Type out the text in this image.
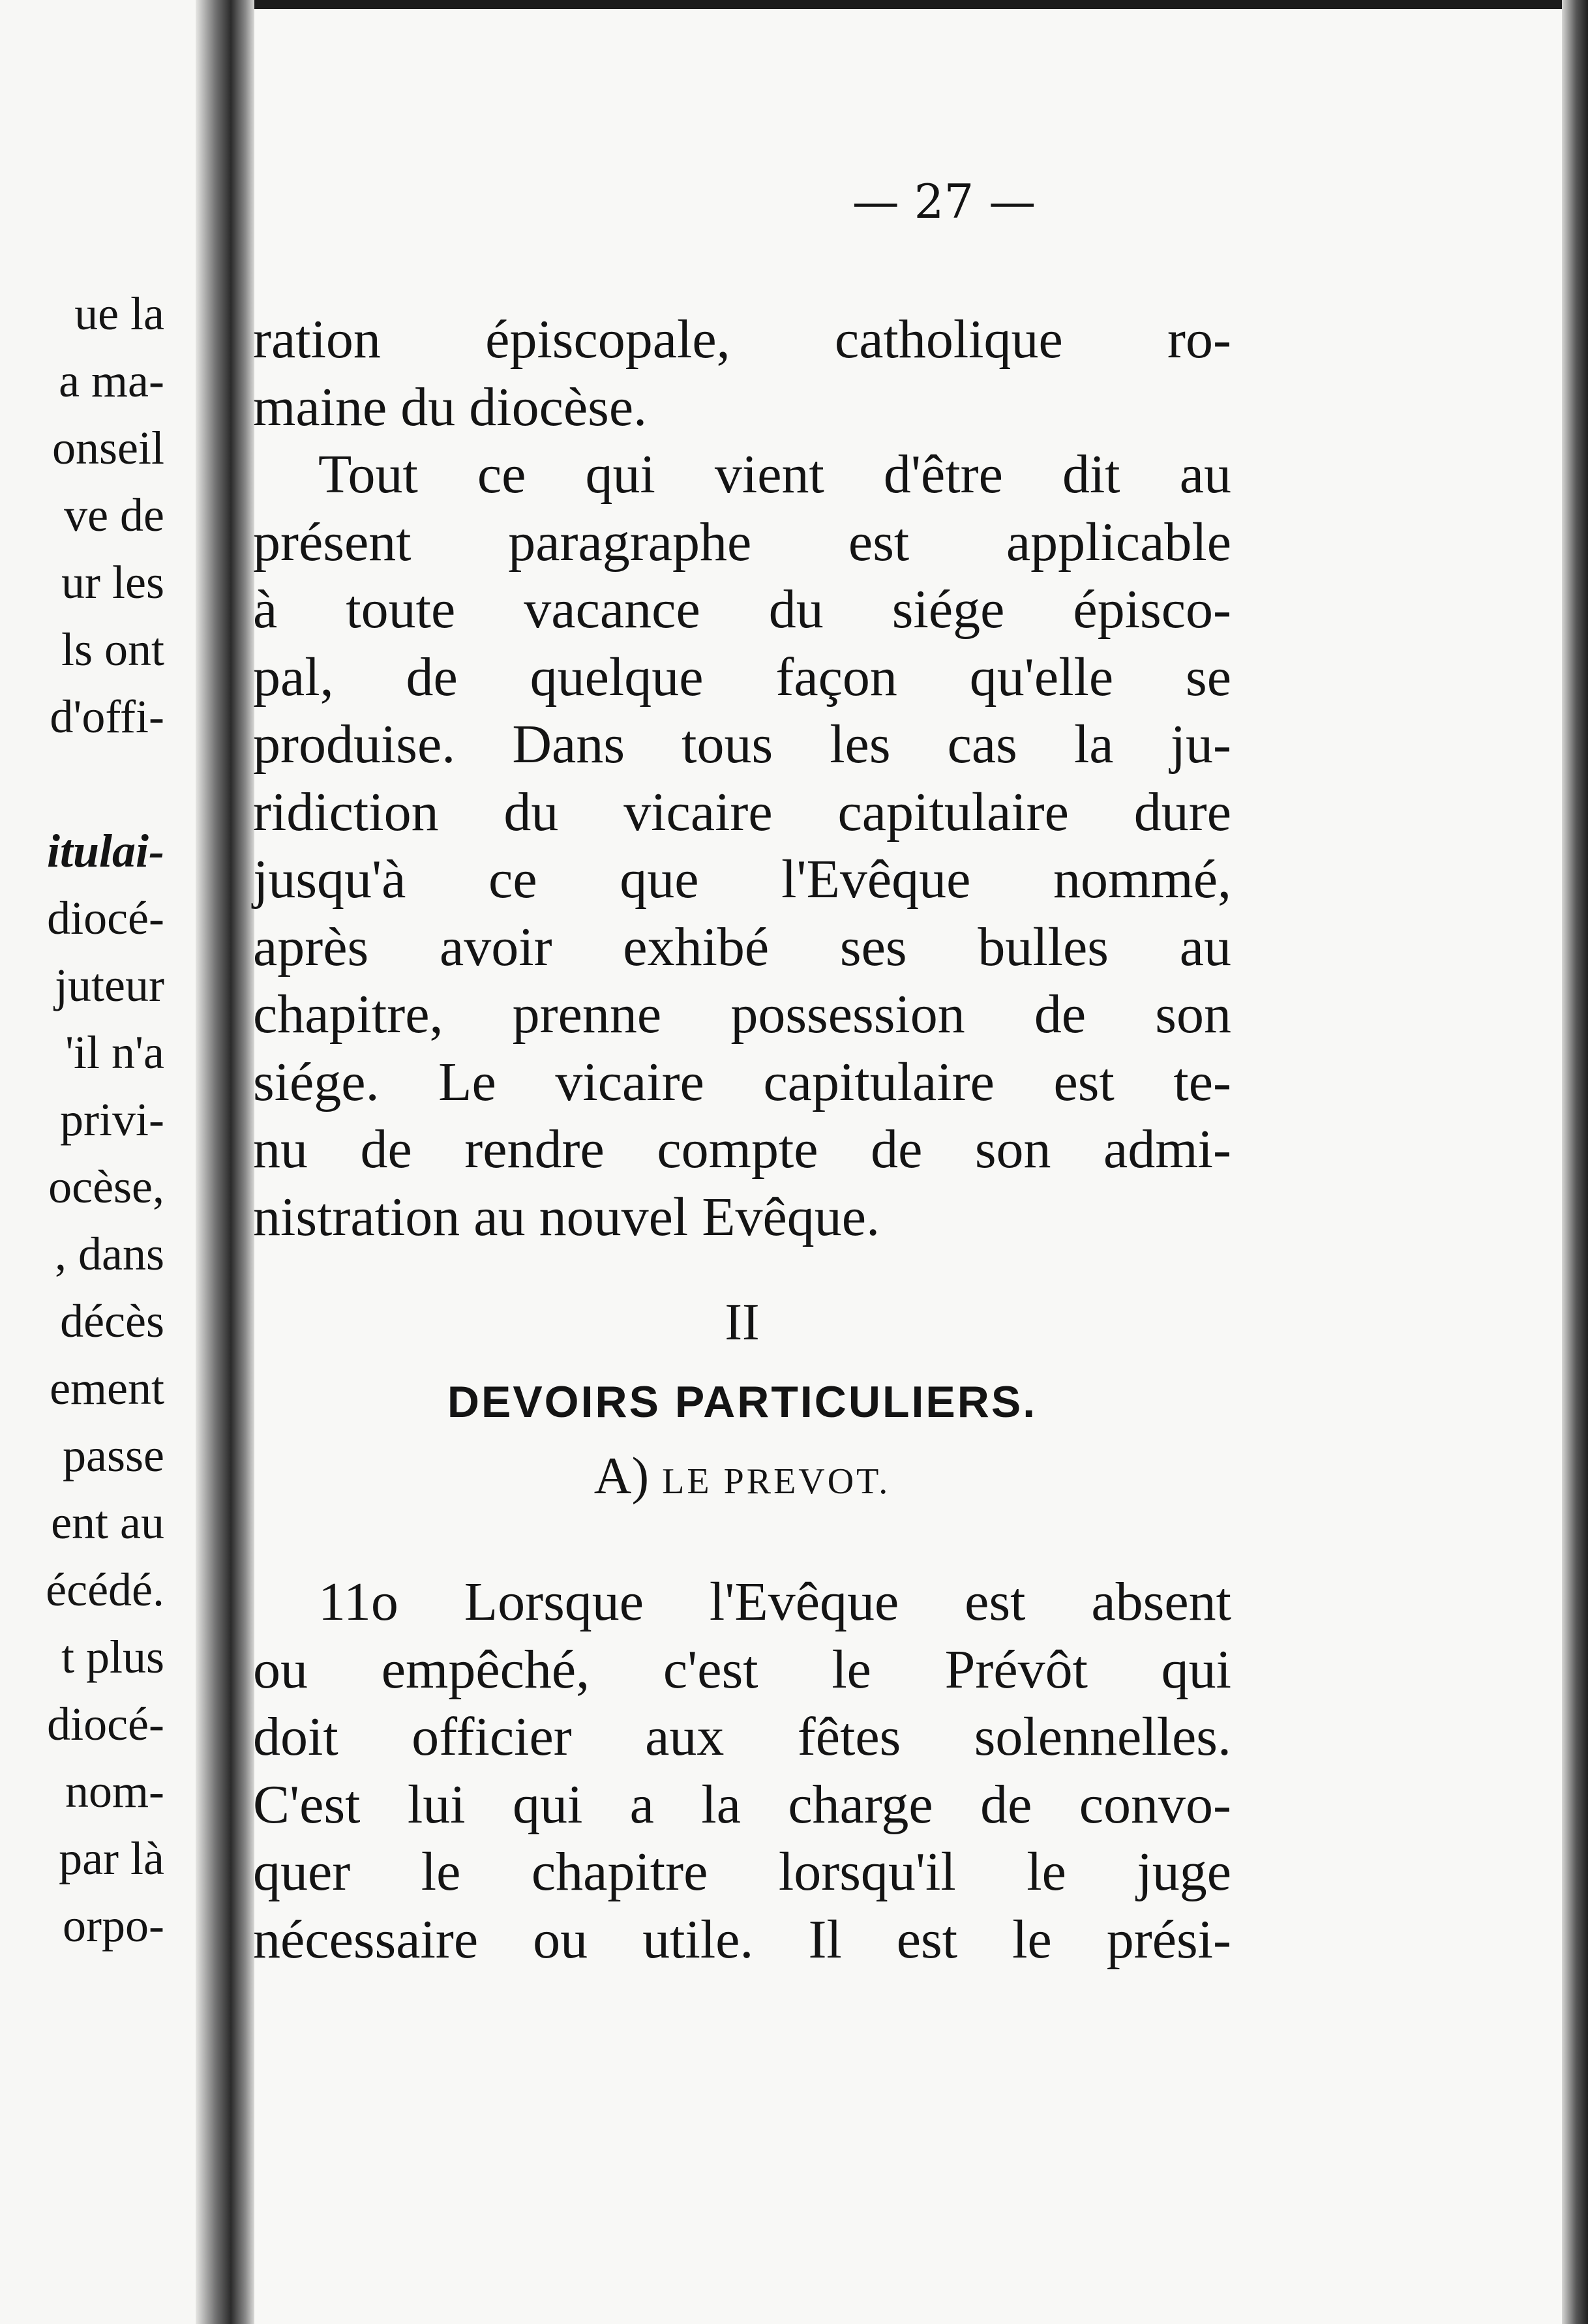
ue la
a ma-
onseil
ve de
ur les
ls ont
d'offi-
itulai-
diocé-
juteur
'il n'a
privi-
ocèse,
, dans
décès
ement
passe
ent au
écédé.
t plus
diocé-
nom-
par là
orpo-
— 27 —
ration épiscopale, catholique ro-
maine du diocèse.
Tout ce qui vient d'être dit au
présent paragraphe est applicable
à toute vacance du siége épisco-
pal, de quelque façon qu'elle se
produise. Dans tous les cas la ju-
ridiction du vicaire capitulaire dure
jusqu'à ce que l'Evêque nommé,
après avoir exhibé ses bulles au
chapitre, prenne possession de son
siége. Le vicaire capitulaire est te-
nu de rendre compte de son admi-
nistration au nouvel Evêque.
II
DEVOIRS PARTICULIERS.
A) LE PREVOT.
11o Lorsque l'Evêque est absent
ou empêché, c'est le Prévôt qui
doit officier aux fêtes solennelles.
C'est lui qui a la charge de convo-
quer le chapitre lorsqu'il le juge
nécessaire ou utile. Il est le prési-
